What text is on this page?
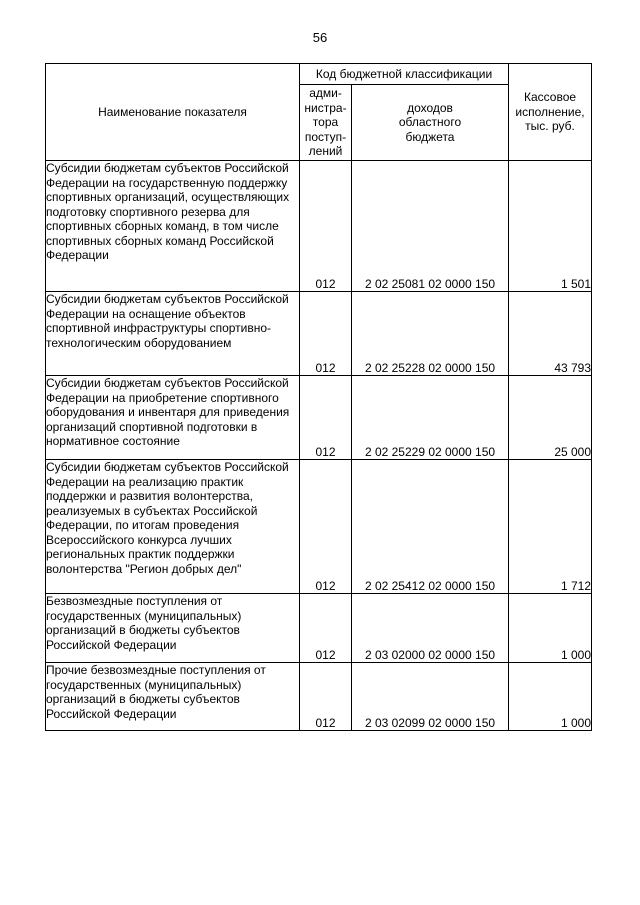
56
Наименование показателя	Код бюджетной классификации		Кассовое
исполнение,
тыс. руб.

	адми-
нистра-
тора
поступ-
лений	доходов
областного
бюджета	

Субсидии бюджетам субъектов Российской Федерации на государственную поддержку спортивных организаций, осуществляющих подготовку спортивного резерва для спортивных сборных команд, в том числе спортивных сборных команд Российской Федерации	012	2 02 25081 02 0000 150	1 501
Субсидии бюджетам субъектов Российской Федерации на оснащение объектов спортивной инфраструктуры спортивно-технологическим оборудованием	012	2 02 25228 02 0000 150	43 793
Субсидии бюджетам субъектов Российской Федерации на приобретение спортивного оборудования и инвентаря для приведения организаций спортивной подготовки в нормативное состояние	012	2 02 25229 02 0000 150	25 000
Субсидии бюджетам субъектов Российской Федерации на реализацию практик поддержки и развития волонтерства, реализуемых в субъектах Российской Федерации, по итогам проведения Всероссийского конкурса лучших региональных практик поддержки волонтерства "Регион добрых дел"	012	2 02 25412 02 0000 150	1 712
Безвозмездные поступления от государственных (муниципальных) организаций в бюджеты субъектов Российской Федерации	012	2 03 02000 02 0000 150	1 000
Прочие безвозмездные поступления от государственных (муниципальных) организаций в бюджеты субъектов Российской Федерации	012	2 03 02099 02 0000 150	1 000
